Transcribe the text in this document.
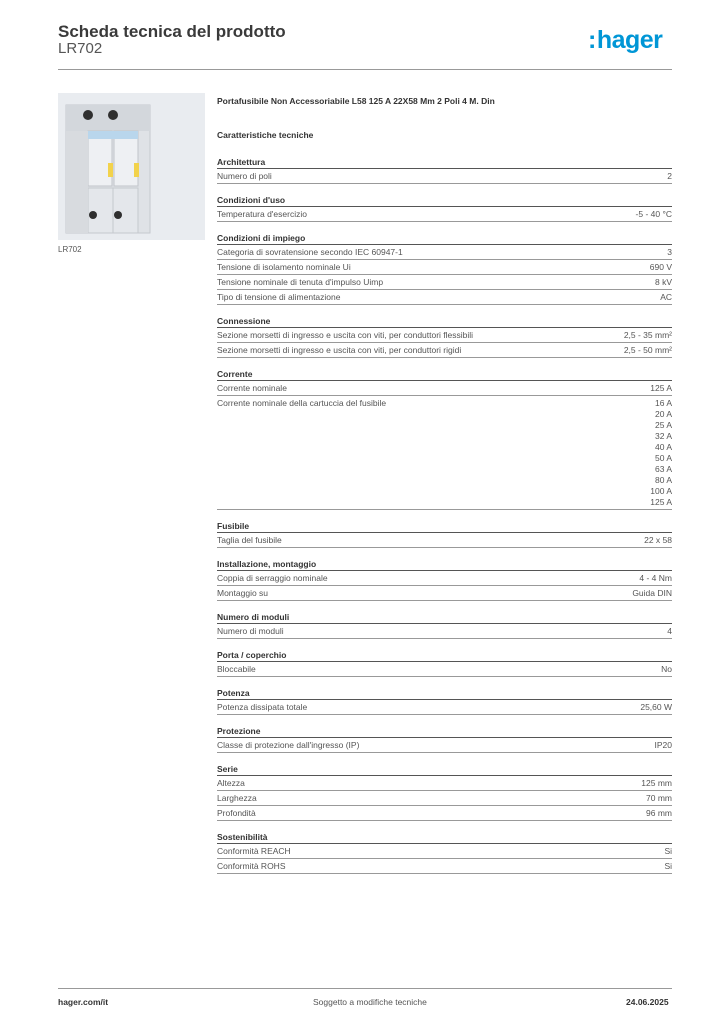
Scheda tecnica del prodotto
LR702	:hager
LR702
Portafusibile Non Accessoriabile L58 125 A 22X58 Mm 2 Poli 4 M. Din
Caratteristiche tecniche
Architettura
Numero di poli	2
Condizioni d'uso
Temperatura d'esercizio	-5 - 40 °C
Condizioni di impiego
Categoria di sovratensione secondo IEC 60947-1	3
Tensione di isolamento nominale Ui	690 V
Tensione nominale di tenuta d'impulso Uimp	8 kV
Tipo di tensione di alimentazione	AC
Connessione
Sezione morsetti di ingresso e uscita con viti, per conduttori flessibili	2,5 - 35 mm²
Sezione morsetti di ingresso e uscita con viti, per conduttori rigidi	2,5 - 50 mm²
Corrente
Corrente nominale	125 A
Corrente nominale della cartuccia del fusibile	16 A
20 A
25 A
32 A
40 A
50 A
63 A
80 A
100 A
125 A
Fusibile
Taglia del fusibile	22 x 58
Installazione, montaggio
Coppia di serraggio nominale	4 - 4 Nm
Montaggio su	Guida DIN
Numero di moduli
Numero di moduli	4
Porta / coperchio
Bloccabile	No
Potenza
Potenza dissipata totale	25,60 W
Protezione
Classe di protezione dall'ingresso (IP)	IP20
Serie
Altezza	125 mm
Larghezza	70 mm
Profondità	96 mm
Sostenibilità
Conformità REACH	Si
Conformità ROHS	Si
hager.com/it	Soggetto a modifiche tecniche	24.06.2025
